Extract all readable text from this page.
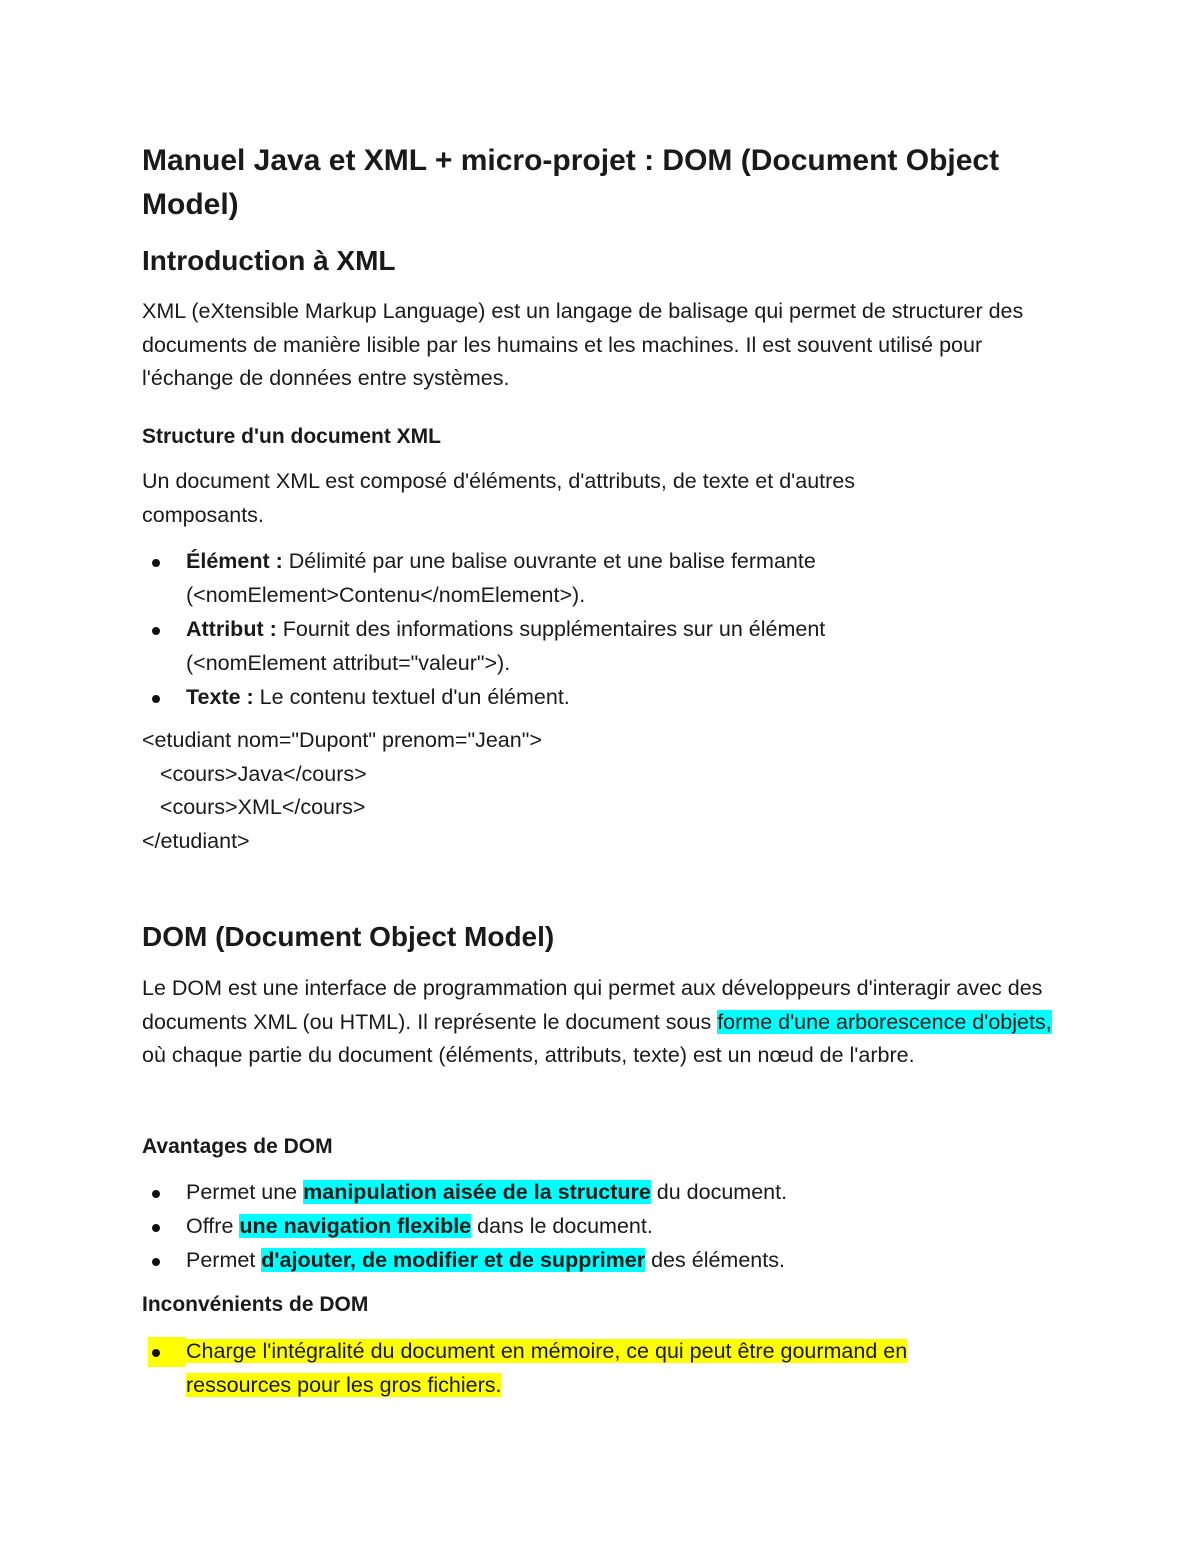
Manuel Java et XML + micro-projet : DOM (Document Object Model)
Introduction à XML

XML (eXtensible Markup Language) est un langage de balisage qui permet de structurer des documents de manière lisible par les humains et les machines. Il est souvent utilisé pour l'échange de données entre systèmes.

Structure d'un document XML

Un document XML est composé d'éléments, d'attributs, de texte et d'autres composants.

Élément : Délimité par une balise ouvrante et une balise fermante (<nomElement>Contenu</nomElement>).
Attribut : Fournit des informations supplémentaires sur un élément (<nomElement attribut="valeur">).
Texte : Le contenu textuel d'un élément.

<etudiant nom="Dupont" prenom="Jean">

<cours>Java</cours>

<cours>XML</cours>

</etudiant>

DOM (Document Object Model)

Le DOM est une interface de programmation qui permet aux développeurs d'interagir avec des documents XML (ou HTML). Il représente le document sous forme d'une arborescence d'objets, où chaque partie du document (éléments, attributs, texte) est un nœud de l'arbre.

Avantages de DOM
Permet une manipulation aisée de la structure du document.
Offre une navigation flexible dans le document.
Permet d'ajouter, de modifier et de supprimer des éléments.
Inconvénients de DOM
Charge l'intégralité du document en mémoire, ce qui peut être gourmand en ressources pour les gros fichiers.
